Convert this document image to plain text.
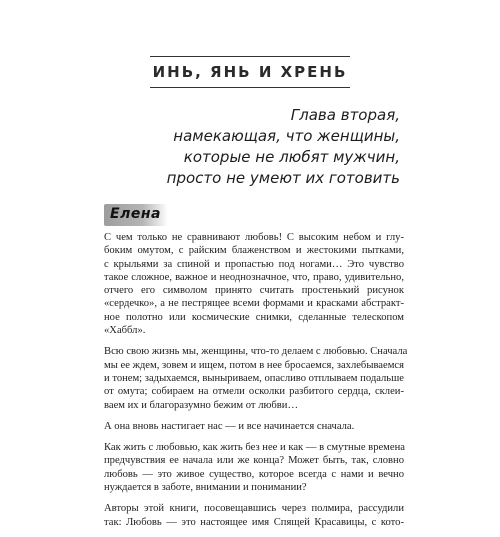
ИНЬ, ЯНЬ И ХРЕНЬ
Глава вторая,
намекающая, что женщины,
которые не любят мужчин,
просто не умеют их готовить
Елена
С чем только не сравнивают любовь! С высоким небом и глу-
боким омутом, с райским блаженством и жестокими пытками,
с крыльями за спиной и пропастью под ногами… Это чувство
такое сложное, важное и неоднозначное, что, право, удивительно,
отчего его символом принято считать простенький рисунок
«сердечко», а не пестрящее всеми формами и красками абстракт-
ное полотно или космические снимки, сделанные телескопом
«Хаббл».
Всю свою жизнь мы, женщины, что-то делаем с любовью. Сначала
мы ее ждем, зовем и ищем, потом в нее бросаемся, захлебываемся
и тонем; задыхаемся, выныриваем, опасливо отплываем подальше
от омута; собираем на отмели осколки разбитого сердца, склеи-
ваем их и благоразумно бежим от любви…
А она вновь настигает нас — и все начинается сначала.
Как жить с любовью, как жить без нее и как — в смутные времена
предчувствия ее начала или же конца? Может быть, так, словно
любовь — это живое существо, которое всегда с нами и вечно
нуждается в заботе, внимании и понимании?
Авторы этой книги, посовещавшись через полмира, рассудили
так: Любовь — это настоящее имя Спящей Красавицы, с кото-
